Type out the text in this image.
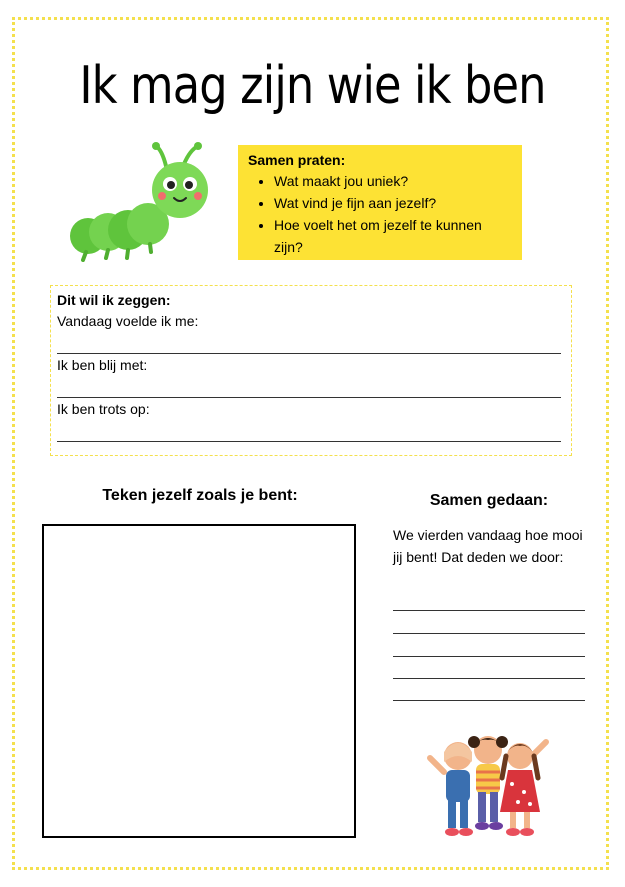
Ik mag zijn wie ik ben
Samen praten:
• Wat maakt jou uniek?
• Wat vind je fijn aan jezelf?
• Hoe voelt het om jezelf te kunnen zijn?
Dit wil ik zeggen:
Vandaag voelde ik me:
Ik ben blij met:
Ik ben trots op:
Teken jezelf zoals je bent:	Samen gedaan:
We vierden vandaag hoe mooi jij bent! Dat deden we door:
